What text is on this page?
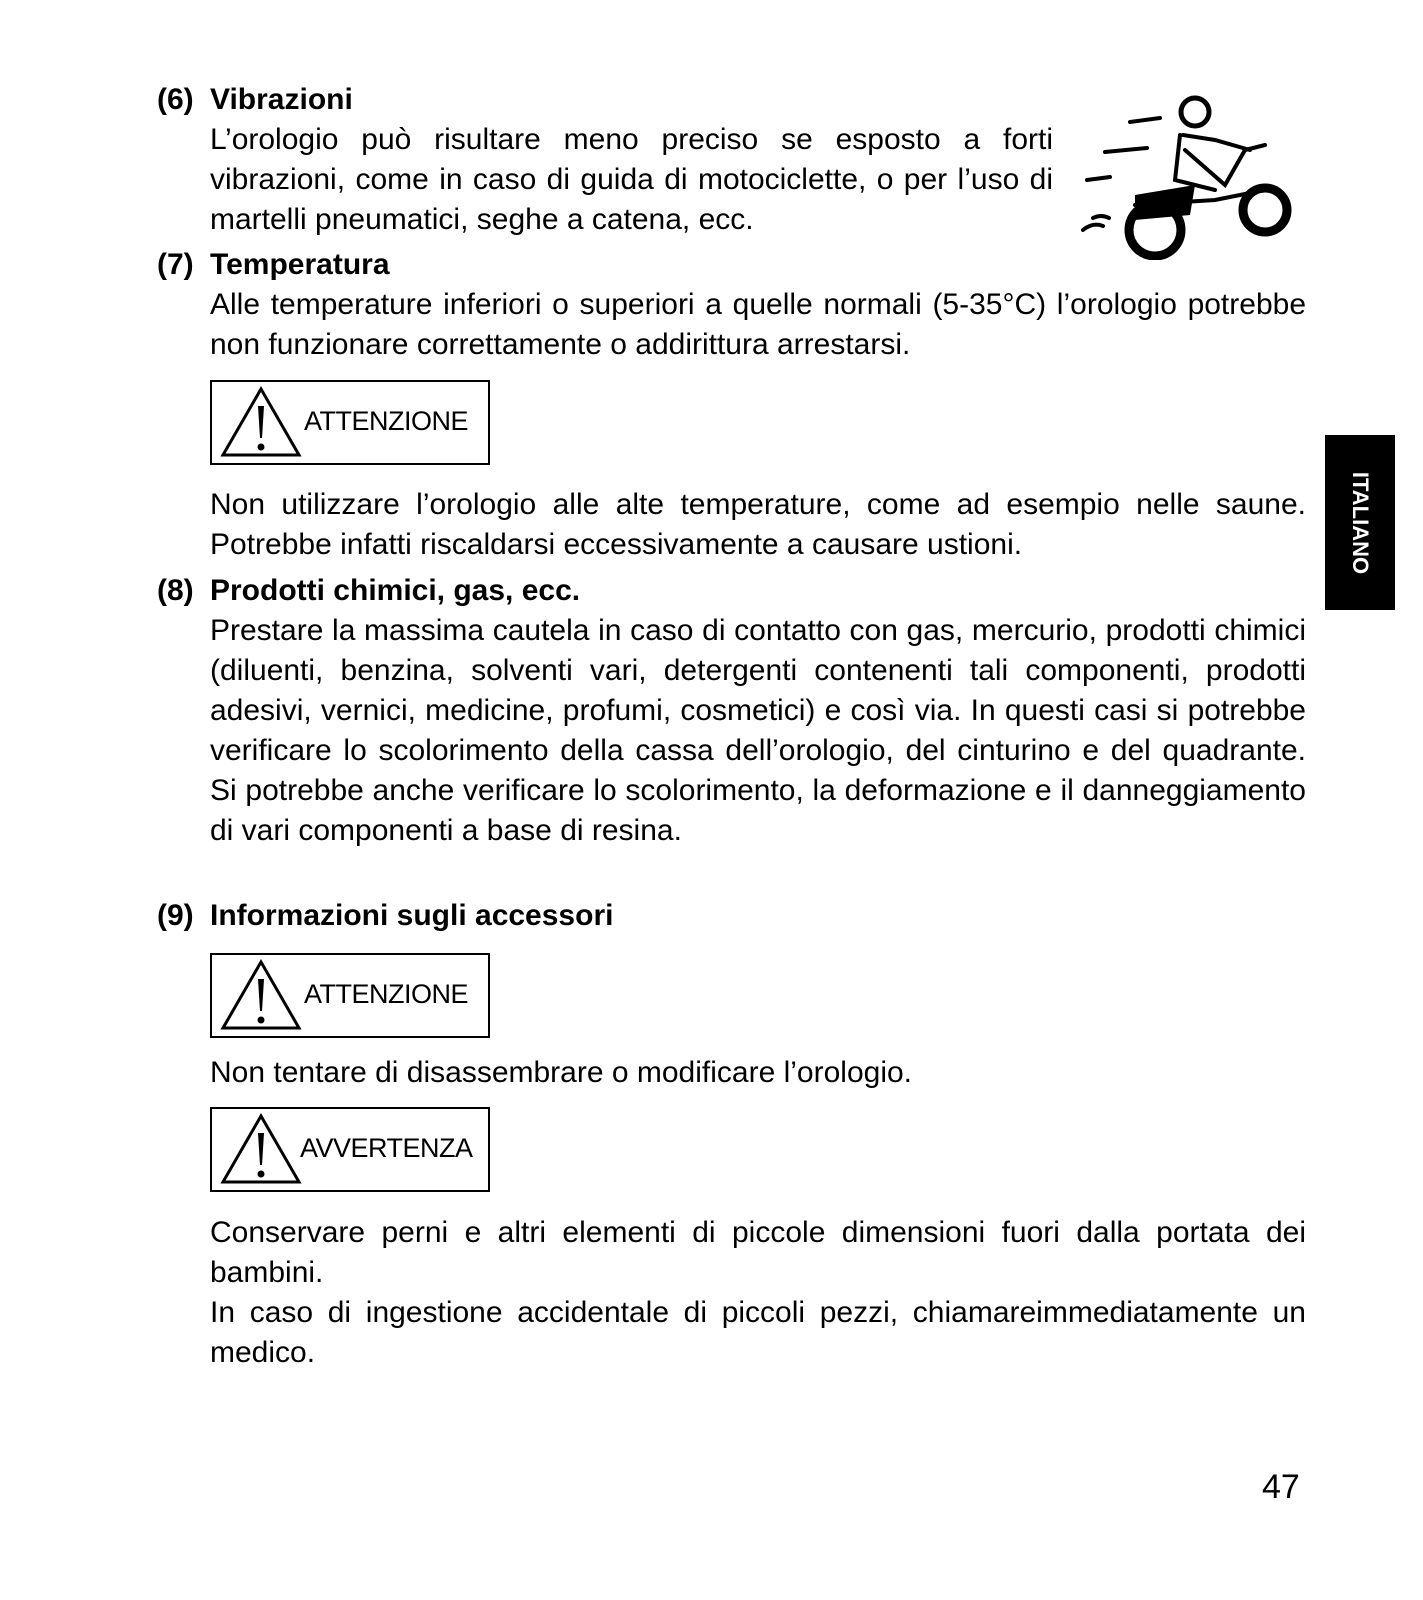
(6) Vibrazioni
L’orologio può risultare meno preciso se esposto a forti vibrazioni, come in caso di guida di motociclette, o per l’uso di martelli pneumatici, seghe a catena, ecc.
(7) Temperatura
Alle temperature inferiori o superiori a quelle normali (5-35°C) l’orologio potrebbe non funzionare correttamente o addirittura arrestarsi.
ATTENZIONE
Non utilizzare l’orologio alle alte temperature, come ad esempio nelle saune. Potrebbe infatti riscaldarsi eccessivamente a causare ustioni.
(8) Prodotti chimici, gas, ecc.
Prestare la massima cautela in caso di contatto con gas, mercurio, prodotti chimici (diluenti, benzina, solventi vari, detergenti contenenti tali componenti, prodotti adesivi, vernici, medicine, profumi, cosmetici) e così via. In questi casi si potrebbe verificare lo scolorimento della cassa dell’orologio, del cinturino e del quadrante. Si potrebbe anche verificare lo scolorimento, la deformazione e il danneggiamento di vari componenti a base di resina.
(9) Informazioni sugli accessori
ATTENZIONE
Non tentare di disassembrare o modificare l’orologio.
AVVERTENZA
Conservare perni e altri elementi di piccole dimensioni fuori dalla portata dei bambini.
In caso di ingestione accidentale di piccoli pezzi, chiamareimmediatamente un medico.
ITALIANO
47
